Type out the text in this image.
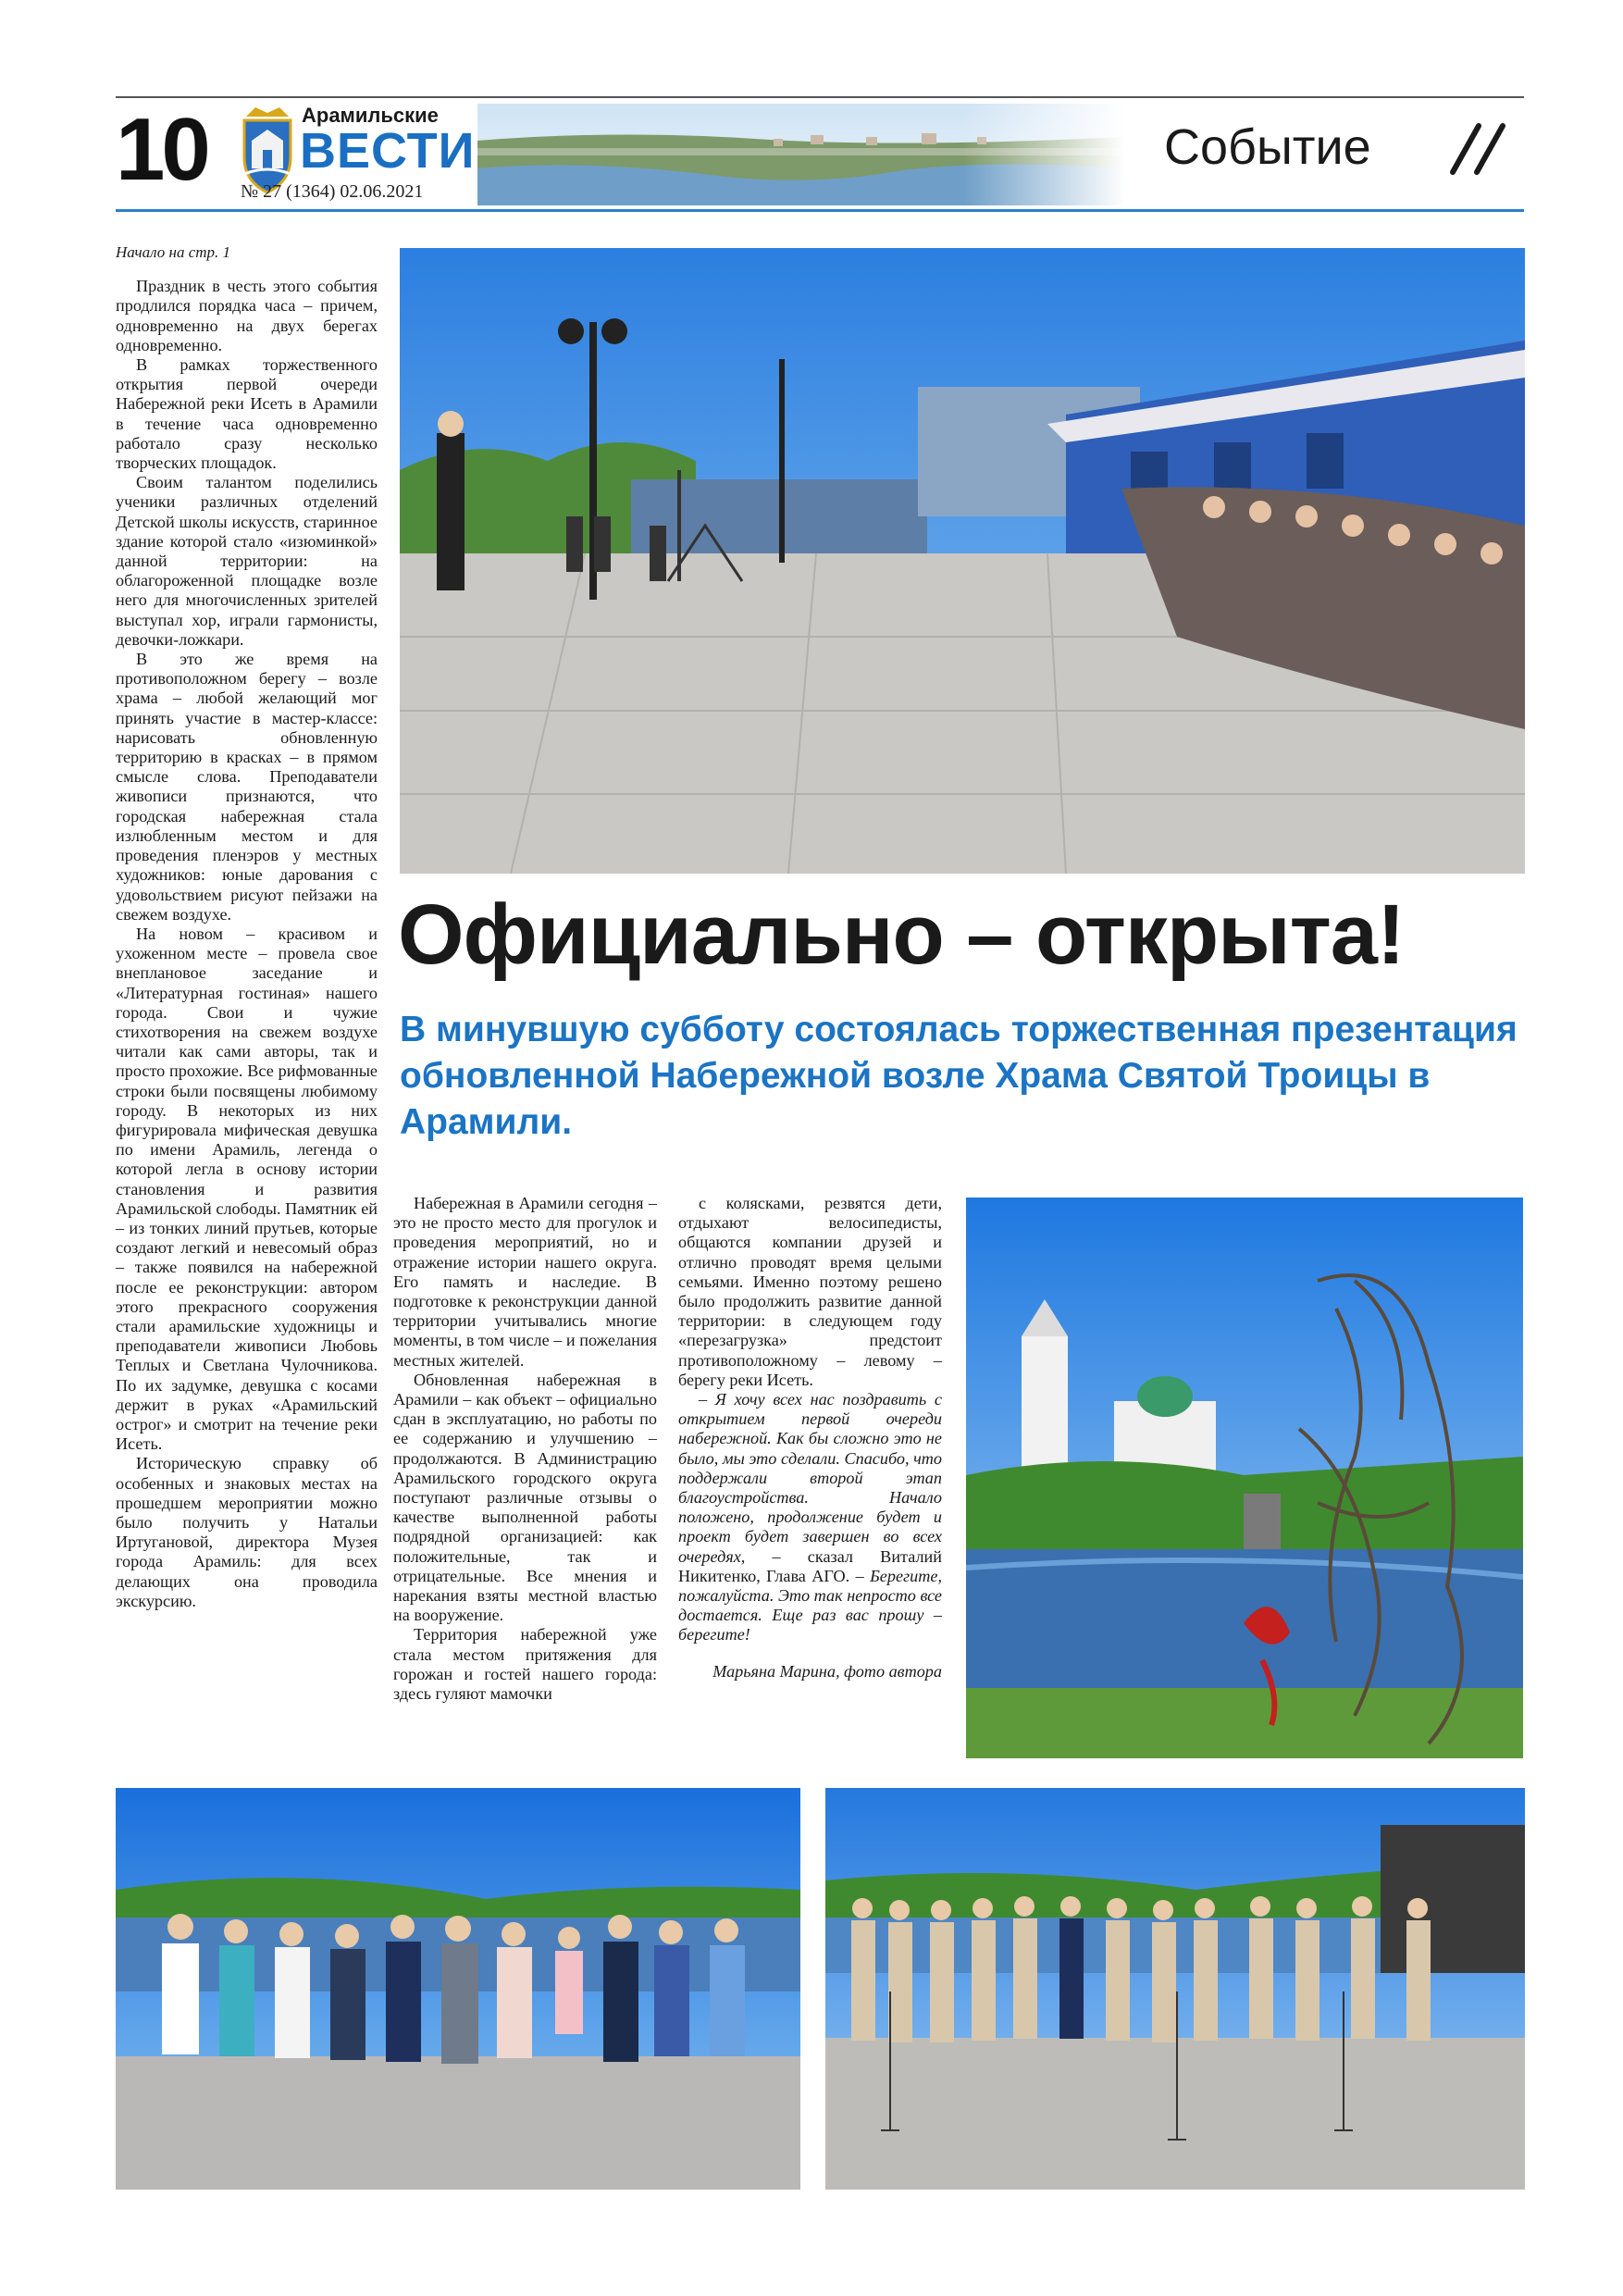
10	Арамильские
ВЕСТИ
№ 27 (1364) 02.06.2021
Событие

Начало на стр. 1

Праздник в честь этого события продлился порядка часа – причем, одновременно на двух берегах одновременно.

В рамках торжественного открытия первой очереди Набережной реки Исеть в Арамили в течение часа одновременно работало сразу несколько творческих площадок.

Своим талантом поделились ученики различных отделений Детской школы искусств, старинное здание которой стало «изюминкой» данной территории: на облагороженной площадке возле него для многочисленных зрителей выступал хор, играли гармонисты, девочки-ложкари.

В это же время на противоположном берегу – возле храма – любой желающий мог принять участие в мастер-классе: нарисовать обновленную территорию в красках – в прямом смысле слова. Преподаватели живописи признаются, что городская набережная стала излюбленным местом и для проведения пленэров у местных художников: юные дарования с удовольствием рисуют пейзажи на свежем воздухе.

На новом – красивом и ухоженном месте – провела свое внеплановое заседание и «Литературная гостиная» нашего города. Свои и чужие стихотворения на свежем воздухе читали как сами авторы, так и просто прохожие. Все рифмованные строки были посвящены любимому городу. В некоторых из них фигурировала мифическая девушка по имени Арамиль, легенда о которой легла в основу истории становления и развития Арамильской слободы. Памятник ей – из тонких линий прутьев, которые создают легкий и невесомый образ – также появился на набережной после ее реконструкции: автором этого прекрасного сооружения стали арамильские художницы и преподаватели живописи Любовь Теплых и Светлана Чулочникова. По их задумке, девушка с косами держит в руках «Арамильский острог» и смотрит на течение реки Исеть.

Историческую справку об особенных и знаковых местах на прошедшем мероприятии можно было получить у Натальи Иртугановой, директора Музея города Арамиль: для всех делающих она проводила экскурсию.

Официально – открыта!
В минувшую субботу состоялась торжественная презентация обновленной Набережной возле Храма Святой Троицы в Арамили.

Набережная в Арамили сегодня – это не просто место для прогулок и проведения мероприятий, но и отражение истории нашего округа. Его память и наследие. В подготовке к реконструкции данной территории учитывались многие моменты, в том числе – и пожелания местных жителей.

Обновленная набережная в Арамили – как объект – официально сдан в эксплуатацию, но работы по ее содержанию и улучшению – продолжаются. В Администрацию Арамильского городского округа поступают различные отзывы о качестве выполненной работы подрядной организацией: как положительные, так и отрицательные. Все мнения и нарекания взяты местной властью на вооружение.

Территория набережной уже стала местом притяжения для горожан и гостей нашего города: здесь гуляют мамочки

с колясками, резвятся дети, отдыхают велосипедисты, общаются компании друзей и отлично проводят время целыми семьями. Именно поэтому решено было продолжить развитие данной территории: в следующем году «перезагрузка» предстоит противоположному – левому – берегу реки Исеть.

– Я хочу всех нас поздравить с открытием первой очереди набережной. Как бы сложно это не было, мы это сделали. Спасибо, что поддержали второй этап благоустройства. Начало положено, продолжение будет и проект будет завершен во всех очередях, – сказал Виталий Никитенко, Глава АГО. – Берегите, пожалуйста. Это так непросто все достается. Еще раз вас прошу – берегите!

Марьяна Марина, фото автора
